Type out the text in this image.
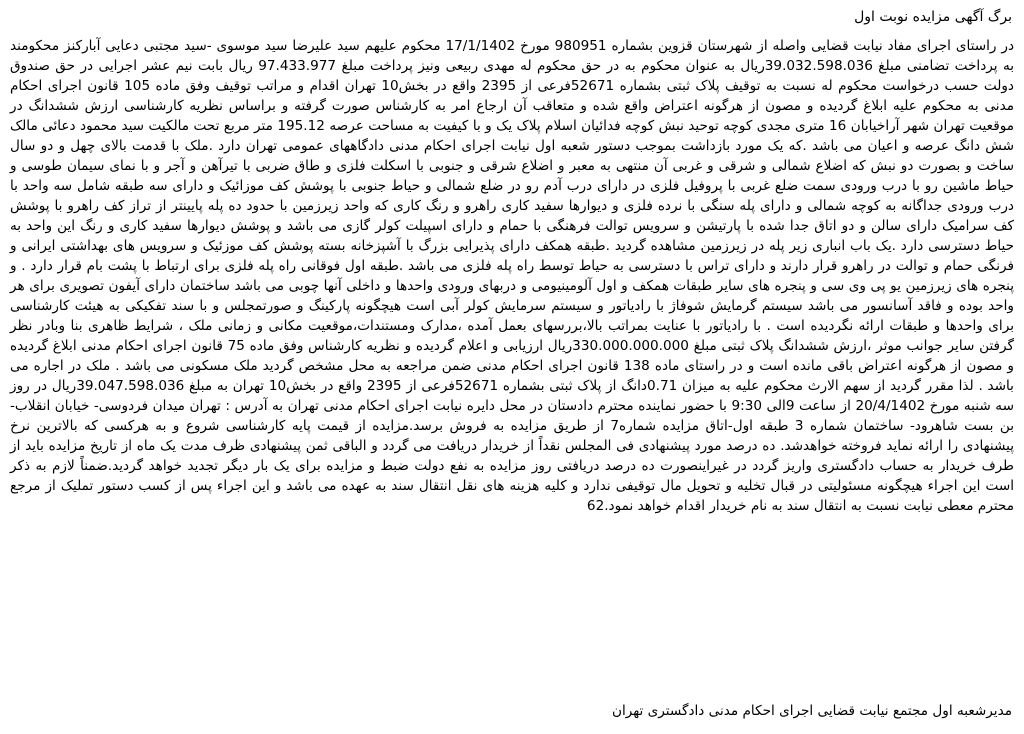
برگ آگهی مزایده نوبت اول

در راستای اجرای مفاد نیابت قضایی واصله از شهرستان قزوین بشماره 980951 مورخ 17/1/1402 محکوم علیهم سید علیرضا سید موسوی -سید مجتبی دعایی آبارکنز محکومند به پرداخت تضامنی مبلغ 39.032.598.036ریال به عنوان محکوم به در حق محکوم له مهدی ربیعی ونیز پرداخت مبلغ 97.433.977 ریال بابت نیم عشر اجرایی در حق صندوق دولت حسب درخواست محکوم له نسبت به توقیف پلاک ثبتی بشماره 52671فرعی از 2395 واقع در بخش10 تهران اقدام و مراتب توقیف وفق ماده 105 قانون اجرای احکام مدنی به محکوم علیه ابلاغ گردیده و مصون از هرگونه اعتراض واقع شده و متعاقب آن ارجاع امر به کارشناس صورت گرفته و براساس نظریه کارشناسی ارزش ششدانگ در موقعیت تهران شهر آراخیابان 16 متری مجدی کوچه توحید نبش کوچه فدائیان اسلام پلاک یک و با کیفیت به مساحت عرصه 195.12 متر مربع تحت مالکیت سید محمود دعائی مالک شش دانگ عرصه و اعیان می باشد .که یک مورد بازداشت بموجب دستور شعبه اول نیابت اجرای احکام مدنی دادگاههای عمومی تهران دارد .ملک با قدمت بالای چهل و دو سال ساخت و بصورت دو نبش که اضلاع شمالی و شرقی و غربی آن منتهی به معبر و اضلاع شرقی و جنوبی با اسکلت فلزی و طاق ضربی با تیرآهن و آجر و با نمای سیمان طوسی و حیاط ماشین رو با درب ورودی سمت ضلع غربی با پروفیل فلزی در دارای درب آدم رو در ضلع شمالی و حیاط جنوبی با پوشش کف موزائیک و دارای سه طبقه شامل سه واحد با درب ورودی جداگانه به کوچه شمالی و دارای پله سنگی با نرده فلزی و دیوارها سفید کاری راهرو و رنگ کاری که واحد زیرزمین با حدود ده پله پایینتر از تراز کف راهرو با پوشش کف سرامیک دارای سالن و دو اتاق جدا شده با پارتیشن و سرویس توالت فرهنگی با حمام و دارای اسپیلت کولر گازی می باشد و پوشش دیوارها سفید کاری و رنگ این واحد به حیاط دسترسی دارد .یک باب انباری زیر پله در زیرزمین مشاهده گردید .طبقه همکف دارای پذیرایی بزرگ با آشپزخانه بسته پوشش کف موزئیک و سرویس های بهداشتی ایرانی و فرنگی حمام و توالت در راهرو قرار دارند و دارای تراس با دسترسی به حیاط توسط راه پله فلزی می باشد .طبقه اول فوقانی راه پله فلزی برای ارتباط با پشت بام قرار دارد . و پنجره های زیرزمین یو پی وی سی و پنجره های سایر طبقات همکف و اول آلومینیومی و دربهای ورودی واحدها و داخلی آنها چوبی می باشد ساختمان دارای آیفون تصویری برای هر واحد بوده و فاقد آسانسور می باشد سیستم گرمایش شوفاژ با رادیاتور و سیستم سرمایش کولر آبی است هیچگونه پارکینگ و صورتمجلس و با سند تفکیکی به هیئت کارشناسی برای واحدها و طبقات ارائه نگردیده است . با رادیاتور با عنایت بمراتب بالا،بررسهای بعمل آمده ،مدارک ومستندات،موقعیت مکانی و زمانی ملک ، شرایط ظاهری بنا وبادر نظر گرفتن سایر جوانب موثر ،ارزش ششدانگ پلاک ثبتی مبلغ 330.000.000.000ریال ارزیابی و اعلام گردیده و نظریه کارشناس وفق ماده 75 قانون اجرای احکام مدنی ابلاغ گردیده و مصون از هرگونه اعتراض باقی مانده است و در راستای ماده 138 قانون اجرای احکام مدنی ضمن مراجعه به محل مشخص گردید ملک مسکونی می باشد . ملک در اجاره می باشد . لذا مقرر گردید از سهم الارث محکوم علیه به میزان 0.71دانگ از پلاک ثبتی بشماره 52671فرعی از 2395 واقع در بخش10 تهران به مبلغ 39.047.598.036ریال در روز سه شنبه مورخ 20/4/1402 از ساعت 9الی 9:30 با حضور نماینده محترم دادستان در محل دایره نیابت اجرای احکام مدنی تهران به آدرس : تهران میدان فردوسی- خیابان انقلاب- بن بست شاهرود- ساختمان شماره 3 طبقه اول-اتاق مزایده شماره7 از طریق مزایده به فروش برسد.مزایده از قیمت پایه کارشناسی شروع و به هرکسی که بالاترین نرخ پیشنهادی را ارائه نماید فروخته خواهدشد. ده درصد مورد پیشنهادی فی المجلس نقداً از خریدار دریافت می گردد و الباقی ثمن پیشنهادی ظرف مدت یک ماه از تاریخ مزایده باید از طرف خریدار به حساب دادگستری واریز گردد در غیراینصورت ده درصد دریافتی روز مزایده به نفع دولت ضبط و مزایده برای یک بار دیگر تجدید خواهد گردید.ضمناً لازم به ذکر است این اجراء هیچگونه مسئولیتی در قبال تخلیه و تحویل مال توقیفی ندارد و کلیه هزینه های نقل انتقال سند به عهده می باشد و این اجراء پس از کسب دستور تملیک از مرجع محترم معطی نیابت نسبت به انتقال سند به نام خریدار اقدام خواهد نمود.62

مدیرشعبه اول مجتمع نیابت قضایی اجرای احکام مدنی دادگستری تهران
